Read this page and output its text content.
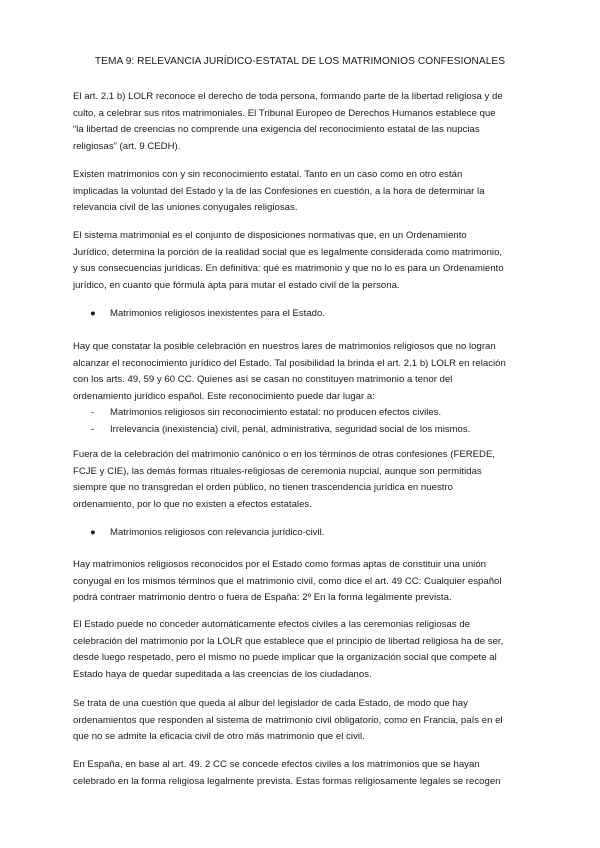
TEMA 9: RELEVANCIA JURÍDICO-ESTATAL DE LOS MATRIMONIOS CONFESIONALES

El art. 2.1 b) LOLR reconoce el derecho de toda persona, formando parte de la libertad religiosa y de
culto, a celebrar sus ritos matrimoniales. El Tribunal Europeo de Derechos Humanos establece que
“la libertad de creencias no comprende una exigencia del reconocimiento estatal de las nupcias
religiosas” (art. 9 CEDH).

Existen matrimonios con y sin reconocimiento estatal. Tanto en un caso como en otro están
implicadas la voluntad del Estado y la de las Confesiones en cuestión, a la hora de determinar la
relevancia civil de las uniones conyugales religiosas.

El sistema matrimonial es el conjunto de disposiciones normativas que, en un Ordenamiento
Jurídico, determina la porción de la realidad social que es legalmente considerada como matrimonio,
y sus consecuencias jurídicas. En definitiva: qué es matrimonio y que no lo es para un Ordenamiento
jurídico, en cuanto que fórmula apta para mutar el estado civil de la persona.

● Matrimonios religiosos inexistentes para el Estado.

Hay que constatar la posible celebración en nuestros lares de matrimonios religiosos que no logran
alcanzar el reconocimiento jurídico del Estado. Tal posibilidad la brinda el art. 2.1 b) LOLR en relación
con los arts. 49, 59 y 60 CC. Quienes así se casan no constituyen matrimonio a tenor del
ordenamiento jurídico español. Este reconocimiento puede dar lugar a:
- Matrimonios religiosos sin reconocimiento estatal: no producen efectos civiles.
- Irrelevancia (inexistencia) civil, penal, administrativa, seguridad social de los mismos.

Fuera de la celebración del matrimonio canónico o en los términos de otras confesiones (FEREDE,
FCJE y CIE), las demás formas rituales-religiosas de ceremonia nupcial, aunque son permitidas
siempre que no transgredan el orden público, no tienen trascendencia jurídica en nuestro
ordenamiento, por lo que no existen a efectos estatales.

● Matrimonios religiosos con relevancia jurídico-civil.

Hay matrimonios religiosos reconocidos por el Estado como formas aptas de constituir una unión
conyugal en los mismos términos que el matrimonio civil, como dice el art. 49 CC: Cualquier español
podrá contraer matrimonio dentro o fuera de España: 2º En la forma legalmente prevista.

El Estado puede no conceder automáticamente efectos civiles a las ceremonias religiosas de
celebración del matrimonio por la LOLR que establece que el principio de libertad religiosa ha de ser,
desde luego respetado, pero el mismo no puede implicar que la organización social que compete al
Estado haya de quedar supeditada a las creencias de los ciudadanos.

Se trata de una cuestión que queda al albur del legislador de cada Estado, de modo que hay
ordenamientos que responden al sistema de matrimonio civil obligatorio, como en Francia, país en el
que no se admite la eficacia civil de otro más matrimonio que el civil.

En España, en base al art. 49. 2 CC se concede efectos civiles a los matrimonios que se hayan
celebrado en la forma religiosa legalmente prevista. Estas formas religiosamente legales se recogen
